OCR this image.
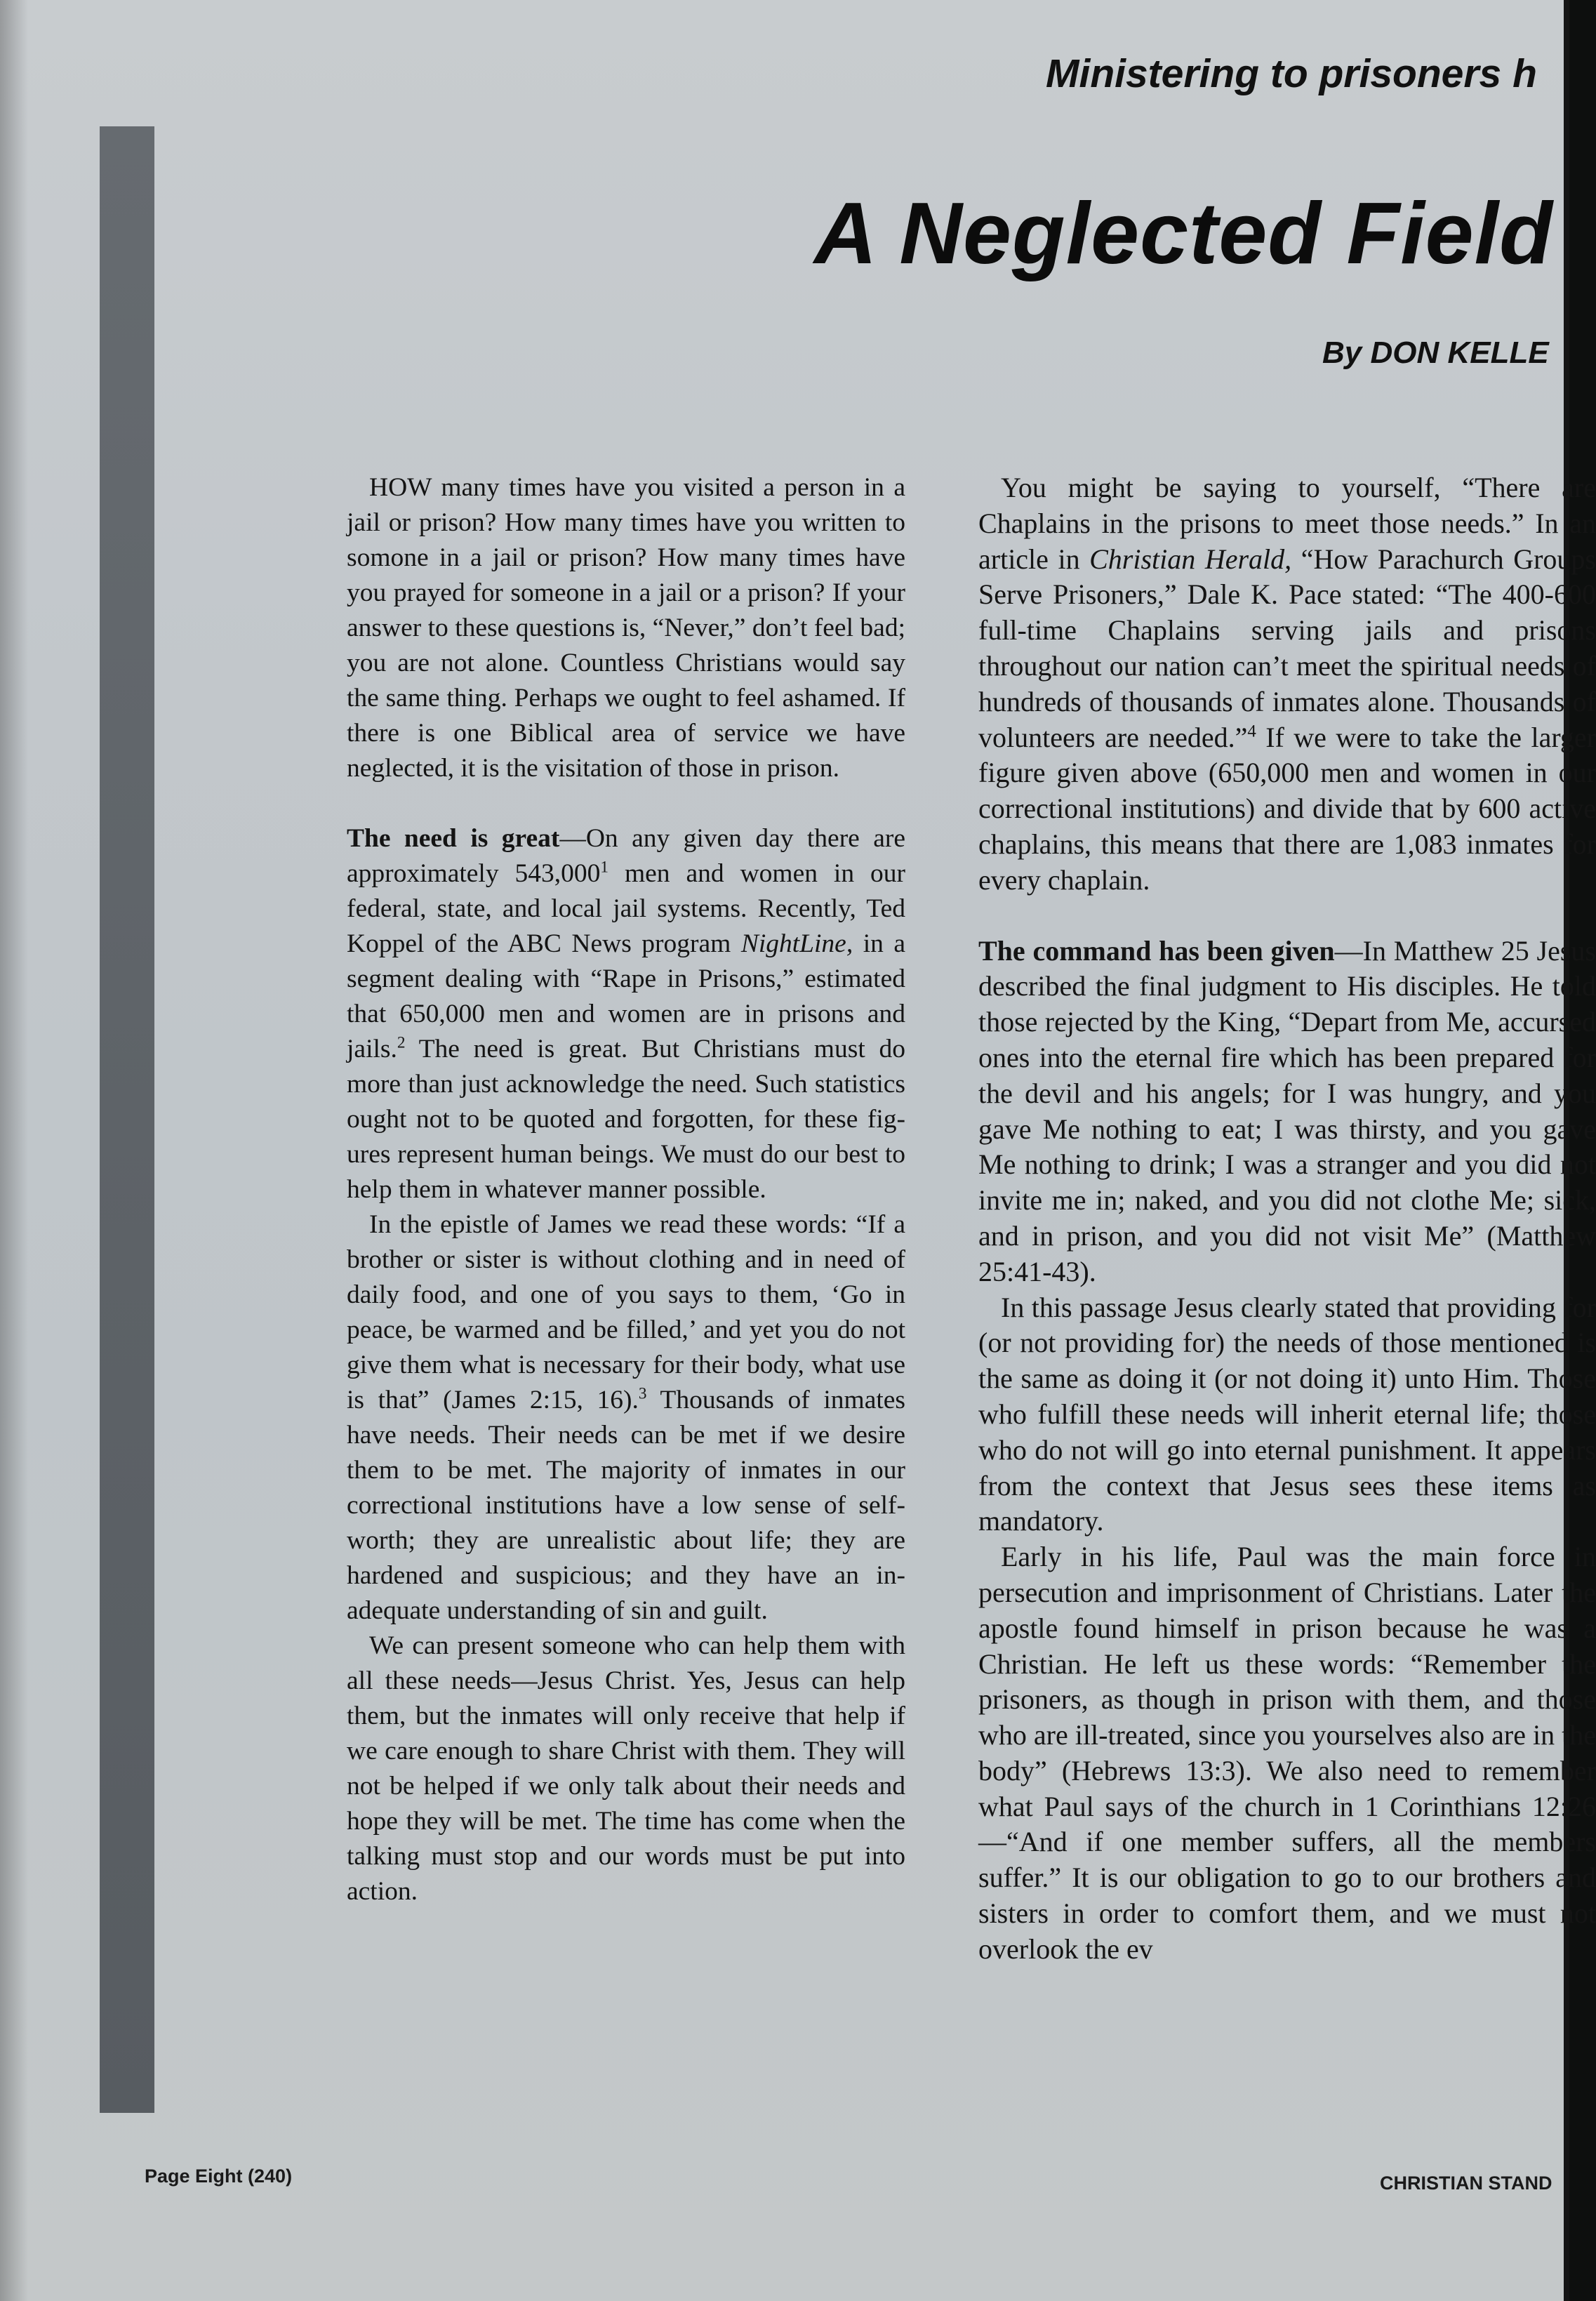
Ministering to prisoners h
A Neglected Field
By DON KELLE

HOW many times have you visited a person in a jail or prison? How many times have you written to somone in a jail or prison? How many times have you prayed for someone in a jail or a prison? If your answer to these questions is, “Never,” don’t feel bad; you are not alone. Countless Christians would say the same thing. Perhaps we ought to feel ashamed. If there is one Biblical area of service we have neglected, it is the visitation of those in prison.

The need is great—On any given day there are approximately 543,000$^1$ men and women in our federal, state, and local jail systems. Recently, Ted Koppel of the ABC News program NightLine, in a segment dealing with “Rape in Prisons,” estimated that 650,000 men and women are in prisons and jails.$^2$ The need is great. But Christians must do more than just acknowledge the need. Such statistics ought not to be quoted and forgotten, for these figures represent human beings. We must do our best to help them in whatever manner possible.

In the epistle of James we read these words: “If a brother or sister is without clothing and in need of daily food, and one of you says to them, ‘Go in peace, be warmed and be filled,’ and yet you do not give them what is necessary for their body, what use is that” (James 2:15, 16).$^3$ Thousands of inmates have needs. Their needs can be met if we desire them to be met. The majority of inmates in our correctional institutions have a low sense of self-worth; they are unrealistic about life; they are hardened and suspicious; and they have an inadequate understanding of sin and guilt.

We can present someone who can help them with all these needs—Jesus Christ. Yes, Jesus can help them, but the inmates will only receive that help if we care enough to share Christ with them. They will not be helped if we only talk about their needs and hope they will be met. The time has come when the talking must stop and our words must be put into action.

You might be saying to yourself, “There are Chaplains in the prisons to meet those needs.” In an article in Christian Herald, “How Parachurch Groups Serve Prisoners,” Dale K. Pace stated: “The 400-600 full-time Chaplains serving jails and prisons throughout our nation can’t meet the spiritual needs of hundreds of thousands of inmates alone. Thousands of volunteers are needed.”$^4$ If we were to take the larger figure given above (650,000 men and women in our correctional institutions) and divide that by 600 active chaplains, this means that there are 1,083 inmates for every chaplain.

The command has been given—In Matthew 25 Jesus described the final judgment to His disciples. He told those rejected by the King, “Depart from Me, accursed ones into the eternal fire which has been prepared for the devil and his angels; for I was hungry, and you gave Me nothing to eat; I was thirsty, and you gave Me nothing to drink; I was a stranger and you did not invite me in; naked, and you did not clothe Me; sick, and in prison, and you did not visit Me” (Matthew 25:41-43).

In this passage Jesus clearly stated that providing for (or not providing for) the needs of those mentioned is the same as doing it (or not doing it) unto Him. Those who fulfill these needs will inherit eternal life; those who do not will go into eternal punishment. It appears from the context that Jesus sees these items as mandatory.

Early in his life, Paul was the main force in persecution and imprisonment of Christians. Later the apostle found himself in prison because he was a Christian. He left us these words: “Remember the prisoners, as though in prison with them, and those who are ill-treated, since you yourselves also are in the body” (Hebrews 13:3). We also need to remember what Paul says of the church in 1 Corinthians 12:26—“And if one member suffers, all the members suffer.” It is our obligation to go to our brothers and sisters in order to comfort them, and we must not overlook the ev

Page Eight (240)	CHRISTIAN STAND
